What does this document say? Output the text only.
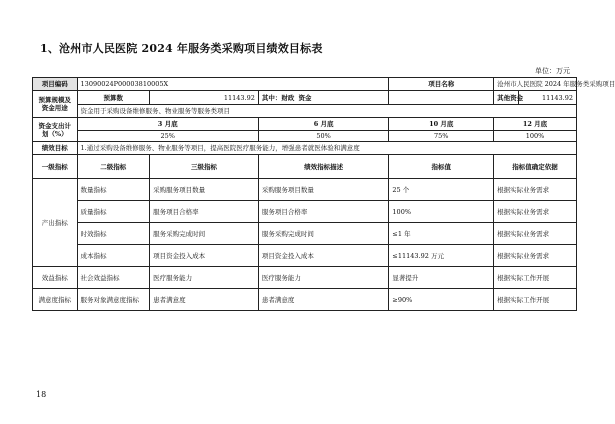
1、沧州市人民医院 2024 年服务类采购项目绩效目标表
单位：万元
项目编码	13090024P00003810005X			项目名称	沧州市人民医院 2024 年服务类采购项目	
预算规模及资金用途	预算数	11143.92	其中：财政 资金		其他资金	11143.92
	资金用于采购设备维修服务、物业服务等服务类项目					
资金支出计划（%）	3 月底		6 月底	10 月底	12 月底	
	25%		50%	75%	100%	
绩效目标	1.通过采购设备维修服务、物业服务等项目，提高医院医疗服务能力，增强患者就医体验和满意度					
一级指标	二级指标	三级指标	绩效指标描述	指标值	指标值确定依据	
产出指标	数量指标	采购服务项目数量	采购服务项目数量	25 个	根据实际业务需求	
	质量指标	服务项目合格率	服务项目合格率	100%	根据实际业务需求	
	时效指标	服务采购完成时间	服务采购完成时间	≤1 年	根据实际业务需求	
	成本指标	项目资金投入成本	项目资金投入成本	≤11143.92 万元	根据实际业务需求	
效益指标	社会效益指标	医疗服务能力	医疗服务能力	显著提升	根据实际工作开展	
满意度指标	服务对象满意度指标	患者满意度	患者满意度	≥90%	根据实际工作开展	
18
